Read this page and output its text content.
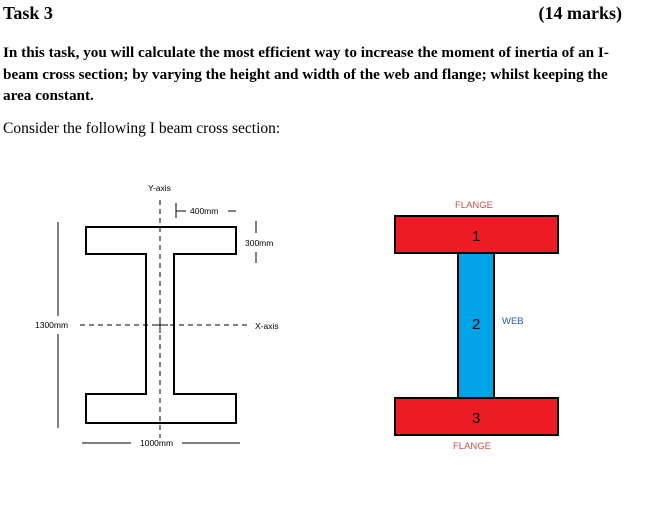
Task 3	(14 marks)
In this task, you will calculate the most efficient way to increase the moment of inertia of an I-beam cross section; by varying the height and width of the web and flange; whilst keeping the area constant.
Consider the following I beam cross section:
Y-axis
X-axis
400mm
300mm
1300mm
1000mm
FLANGE
1
2
3
WEB
FLANGE
